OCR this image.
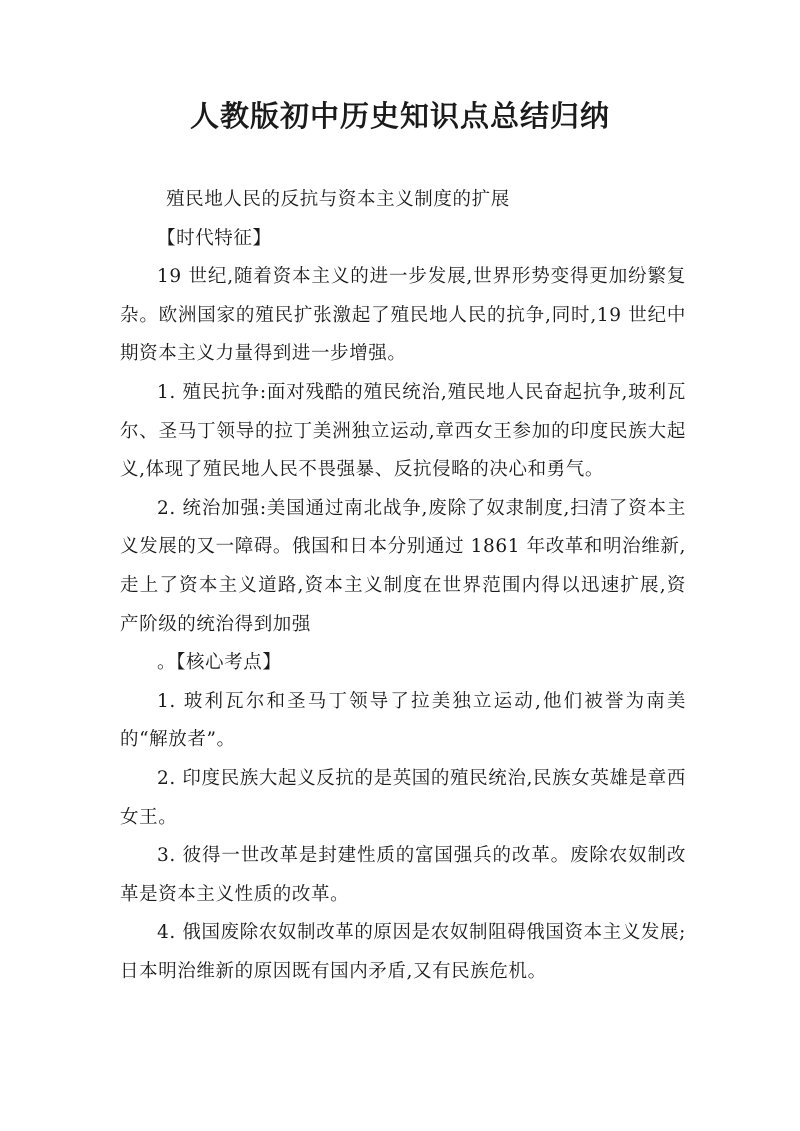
人教版初中历史知识点总结归纳

殖民地人民的反抗与资本主义制度的扩展

【时代特征】

19 世纪,随着资本主义的进一步发展,世界形势变得更加纷繁复杂。欧洲国家的殖民扩张激起了殖民地人民的抗争,同时,19 世纪中期资本主义力量得到进一步增强。

1. 殖民抗争:面对残酷的殖民统治,殖民地人民奋起抗争,玻利瓦尔、圣马丁领导的拉丁美洲独立运动,章西女王参加的印度民族大起义,体现了殖民地人民不畏强暴、反抗侵略的决心和勇气。

2. 统治加强:美国通过南北战争,废除了奴隶制度,扫清了资本主义发展的又一障碍。俄国和日本分别通过 1861 年改革和明治维新,走上了资本主义道路,资本主义制度在世界范围内得以迅速扩展,资产阶级的统治得到加强

。【核心考点】

1. 玻利瓦尔和圣马丁领导了拉美独立运动,他们被誉为南美的“解放者”。

2. 印度民族大起义反抗的是英国的殖民统治,民族女英雄是章西女王。

3. 彼得一世改革是封建性质的富国强兵的改革。废除农奴制改革是资本主义性质的改革。

4. 俄国废除农奴制改革的原因是农奴制阻碍俄国资本主义发展;日本明治维新的原因既有国内矛盾,又有民族危机。
